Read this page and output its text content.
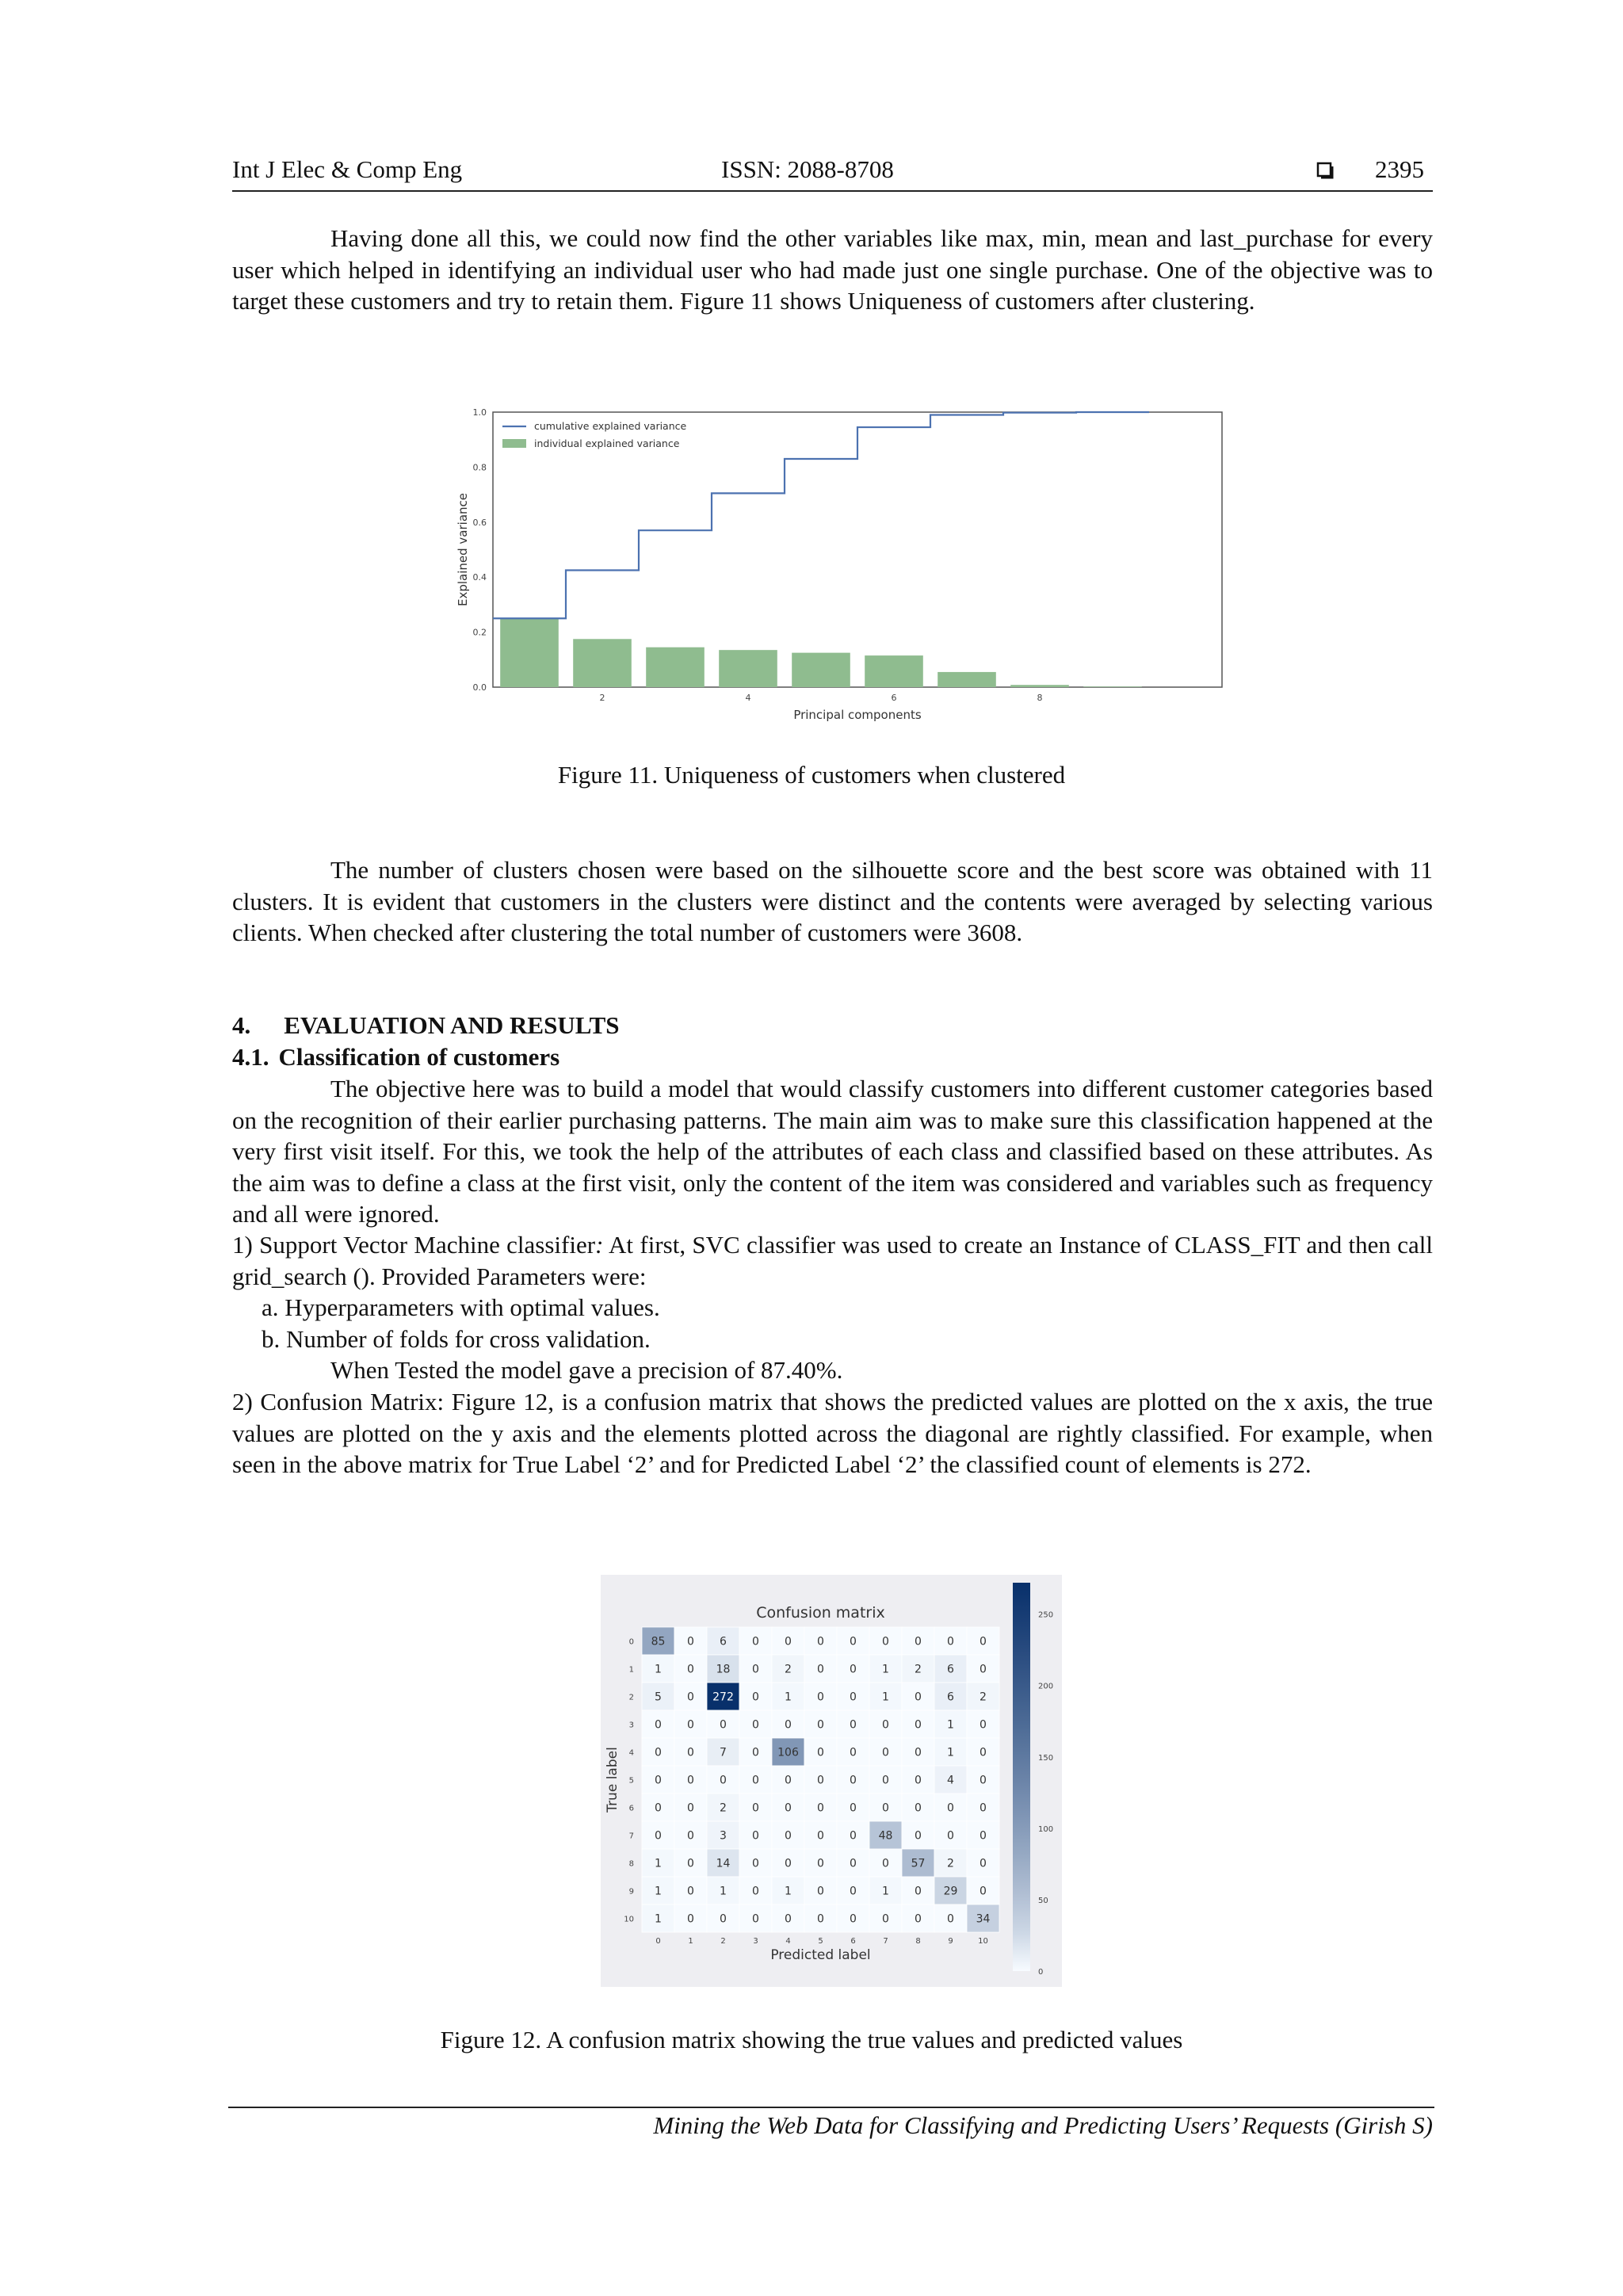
Int J Elec & Comp Eng	ISSN: 2088-8708	2395

Having done all this, we could now find the other variables like max, min, mean and last_purchase for every user which helped in identifying an individual user who had made just one single purchase. One of the objective was to target these customers and try to retain them. Figure 11 shows Uniqueness of customers after clustering.

0.0
0.2
0.4
0.6
0.8
1.0
2	4	6	8
Principal components
Explained variance
cumulative explained variance
individual explained variance
Figure 11. Uniqueness of customers when clustered

The number of clusters chosen were based on the silhouette score and the best score was obtained with 11 clusters. It is evident that customers in the clusters were distinct and the contents were averaged by selecting various clients. When checked after clustering the total number of customers were 3608.

4. EVALUATION AND RESULTS
4.1. Classification of customers

The objective here was to build a model that would classify customers into different customer categories based on the recognition of their earlier purchasing patterns. The main aim was to make sure this classification happened at the very first visit itself. For this, we took the help of the attributes of each class and classified based on these attributes. As the aim was to define a class at the first visit, only the content of the item was considered and variables such as frequency and all were ignored.

1) Support Vector Machine classifier: At first, SVC classifier was used to create an Instance of CLASS_FIT and then call grid_search (). Provided Parameters were:
a. Hyperparameters with optimal values.
b. Number of folds for cross validation.
When Tested the model gave a precision of 87.40%.
2) Confusion Matrix: Figure 12, is a confusion matrix that shows the predicted values are plotted on the x axis, the true values are plotted on the y axis and the elements plotted across the diagonal are rightly classified. For example, when seen in the above matrix for True Label ‘2’ and for Predicted Label ‘2’ the classified count of elements is 272.
Confusion matrix
85 0 6 0 0 0 0 0 0 0 0
0
1 0 18 0 2 0 0 1 2 6 0
1
5 0 272 0 1 0 0 1 0 6 2
2
0 0 0 0 0 0 0 0 0 1 0
3
0 0 7 0 106 0 0 0 0 1 0
4
0 0 0 0 0 0 0 0 0 4 0
5
0 0 2 0 0 0 0 0 0 0 0
6
0 0 3 0 0 0 0 48 0 0 0
7
1 0 14 0 0 0 0 0 57 2 0
8
1 0 1 0 1 0 0 1 0 29 0
9
1 0 0 0 0 0 0 0 0 0 34
10
0	1	2	3	4	5	6	7	8	9	10
Predicted label
True label
0
50
100
150
200
250
Figure 12. A confusion matrix showing the true values and predicted values
Mining the Web Data for Classifying and Predicting Users’ Requests (Girish S)
